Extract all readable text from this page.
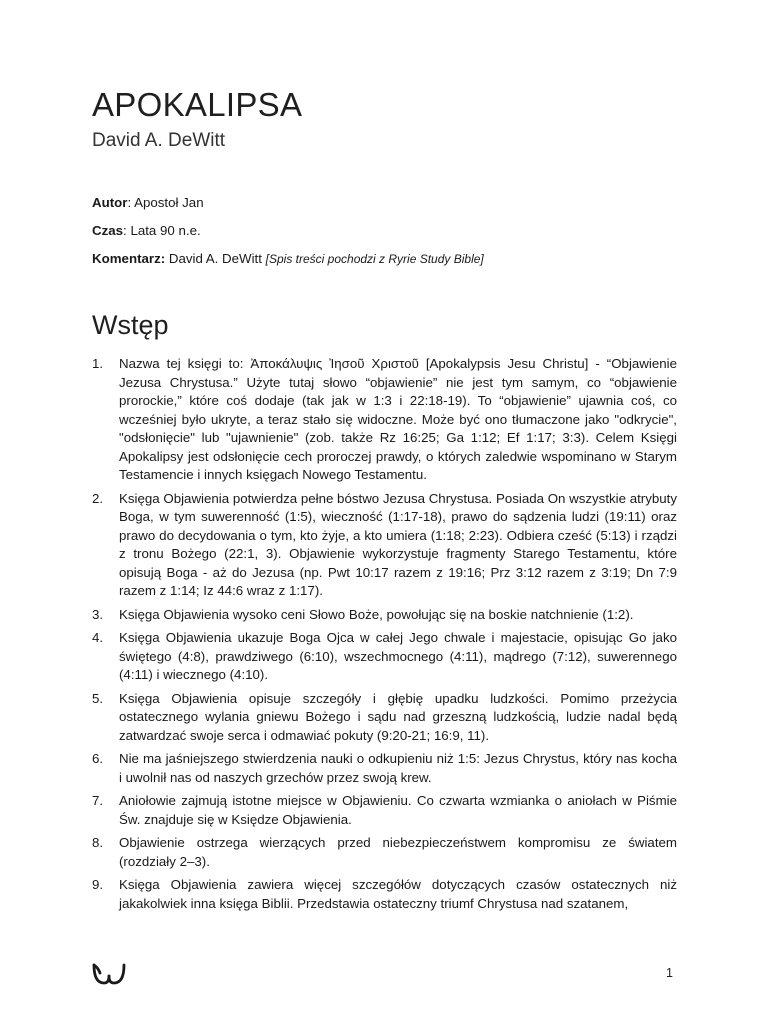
APOKALIPSA
David A. DeWitt
Autor: Apostoł Jan
Czas: Lata 90 n.e.
Komentarz: David A. DeWitt [Spis treści pochodzi z Ryrie Study Bible]
Wstęp
1.	Nazwa tej księgi to: Ἀποκάλυψις Ἰησοῦ Χριστοῦ [Apokalypsis Jesu Christu] - “Objawienie Jezusa Chrystusa.” Użyte tutaj słowo “objawienie” nie jest tym samym, co “objawienie prorockie,” które coś dodaje (tak jak w 1:3 i 22:18-19). To “objawienie” ujawnia coś, co wcześniej było ukryte, a teraz stało się widoczne. Może być ono tłumaczone jako "odkrycie", "odsłonięcie" lub "ujawnienie" (zob. także Rz 16:25; Ga 1:12; Ef 1:17; 3:3). Celem Księgi Apokalipsy jest odsłonięcie cech proroczej prawdy, o których zaledwie wspominano w Starym Testamencie i innych księgach Nowego Testamentu.
2.	Księga Objawienia potwierdza pełne bóstwo Jezusa Chrystusa. Posiada On wszystkie atrybuty Boga, w tym suwerenność (1:5), wieczność (1:17-18), prawo do sądzenia ludzi (19:11) oraz prawo do decydowania o tym, kto żyje, a kto umiera (1:18; 2:23). Odbiera cześć (5:13) i rządzi z tronu Bożego (22:1, 3). Objawienie wykorzystuje fragmenty Starego Testamentu, które opisują Boga - aż do Jezusa (np. Pwt 10:17 razem z 19:16; Prz 3:12 razem z 3:19; Dn 7:9 razem z 1:14; Iz 44:6 wraz z 1:17).
3.	Księga Objawienia wysoko ceni Słowo Boże, powołując się na boskie natchnienie (1:2).
4.	Księga Objawienia ukazuje Boga Ojca w całej Jego chwale i majestacie, opisując Go jako świętego (4:8), prawdziwego (6:10), wszechmocnego (4:11), mądrego (7:12), suwerennego (4:11) i wiecznego (4:10).
5.	Księga Objawienia opisuje szczegóły i głębię upadku ludzkości. Pomimo przeżycia ostatecznego wylania gniewu Bożego i sądu nad grzeszną ludzkością, ludzie nadal będą zatwardzać swoje serca i odmawiać pokuty (9:20-21; 16:9, 11).
6.	Nie ma jaśniejszego stwierdzenia nauki o odkupieniu niż 1:5: Jezus Chrystus, który nas kocha i uwolnił nas od naszych grzechów przez swoją krew.
7.	Aniołowie zajmują istotne miejsce w Objawieniu. Co czwarta wzmianka o aniołach w Piśmie Św. znajduje się w Księdze Objawienia.
8.	Objawienie ostrzega wierzących przed niebezpieczeństwem kompromisu ze światem (rozdziały 2–3).
9.	Księga Objawienia zawiera więcej szczegółów dotyczących czasów ostatecznych niż jakakolwiek inna księga Biblii. Przedstawia ostateczny triumf Chrystusa nad szatanem,
1
